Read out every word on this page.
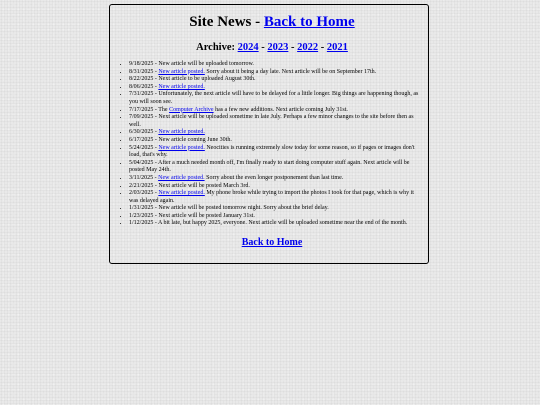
Site News - Back to Home
Archive: 2024 - 2023 - 2022 - 2021
• 9/18/2025 - New article will be uploaded tomorrow.
• 8/31/2025 - New article posted. Sorry about it being a day late. Next article will be on September 17th.
• 8/22/2025 - Next article to be uploaded August 30th.
• 8/06/2025 - New article posted.
• 7/31/2025 - Unfortunately, the next article will have to be delayed for a little longer. Big things are happening though, as you will soon see.
• 7/17/2025 - The Computer Archive has a few new additions. Next article coming July 31st.
• 7/09/2025 - Next article will be uploaded sometime in late July. Perhaps a few minor changes to the site before then as well.
• 6/30/2025 - New article posted.
• 6/17/2025 - New article coming June 30th.
• 5/24/2025 - New article posted. Neocities is running extremely slow today for some reason, so if pages or images don't load, that's why.
• 5/04/2025 - After a much needed month off, I'm finally ready to start doing computer stuff again. Next article will be posted May 24th.
• 3/11/2025 - New article posted. Sorry about the even longer postponement than last time.
• 2/21/2025 - Next article will be posted March 3rd.
• 2/03/2025 - New article posted. My phone broke while trying to import the photos I took for that page, which is why it was delayed again.
• 1/31/2025 - New article will be posted tomorrow night. Sorry about the brief delay.
• 1/23/2025 - Next article will be posted January 31st.
• 1/12/2025 - A bit late, but happy 2025, everyone. Next article will be uploaded sometime near the end of the month.
Back to Home
